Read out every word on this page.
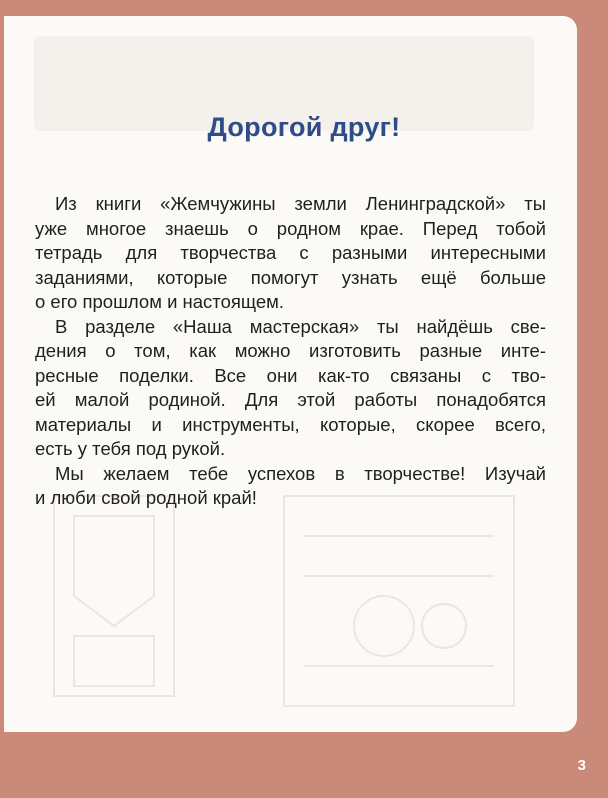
Дорогой друг!
Из книги «Жемчужины земли Ленинградской» ты
уже многое знаешь о родном крае. Перед тобой
тетрадь для творчества с разными интересными
заданиями, которые помогут узнать ещё больше
о его прошлом и настоящем.
В разделе «Наша мастерская» ты найдёшь све-
дения о том, как можно изготовить разные инте-
ресные поделки. Все они как-то связаны с тво-
ей малой родиной. Для этой работы понадобятся
материалы и инструменты, которые, скорее всего,
есть у тебя под рукой.
Мы желаем тебе успехов в творчестве! Изучай
и люби свой родной край!
3
